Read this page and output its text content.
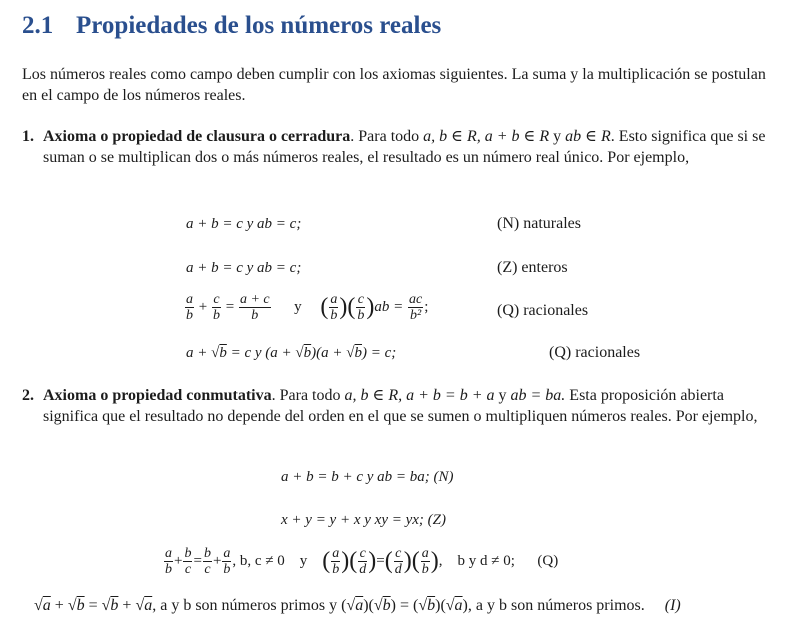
2.1 Propiedades de los números reales

Los números reales como campo deben cumplir con los axiomas siguientes. La suma y la multiplicación se postulan en el campo de los números reales.

1. Axioma o propiedad de clausura o cerradura. Para todo a, b ∈ R, a + b ∈ R y ab ∈ R. Esto significa que si se suman o se multiplican dos o más números reales, el resultado es un número real único. Por ejemplo,
a + b = c y ab = c;	(N) naturales
a + b = c y ab = c;	(Z) enteros
$\frac{a}{b} + \frac{c}{b} = \frac{a + c}{b}$ y ( $\frac{a}{b}$ )( $\frac{c}{b} )ab = \frac{ac}{\text{b²}}$ ;	(Q) racionales
a + √b = c y (a + √b)(a + √b) = c;	(Q) racionales
2. Axioma o propiedad conmutativa. Para todo a, b ∈ R, a + b = b + a y ab = ba. Esta proposición abierta significa que el resultado no depende del orden en el que se sumen o multipliquen números reales. Por ejemplo,
a + b = b + c y ab = ba; (N)
x + y = y + x y xy = yx; (Z)
$\frac{a}{b} + \frac{b}{c} = \frac{b}{c} + \frac{a}{b}$ , b, c ≠ 0 y ( $\frac{a}{b}$ )( $\frac{c}{d}$ )=( $\frac{c}{d}$ )( $\frac{a}{b}$ ),    b y d ≠ 0; (Q)
√a + √b = √b + √a, a y b son números primos y (√a)(√b) = (√b)(√a), a y b son números primos. (I)
